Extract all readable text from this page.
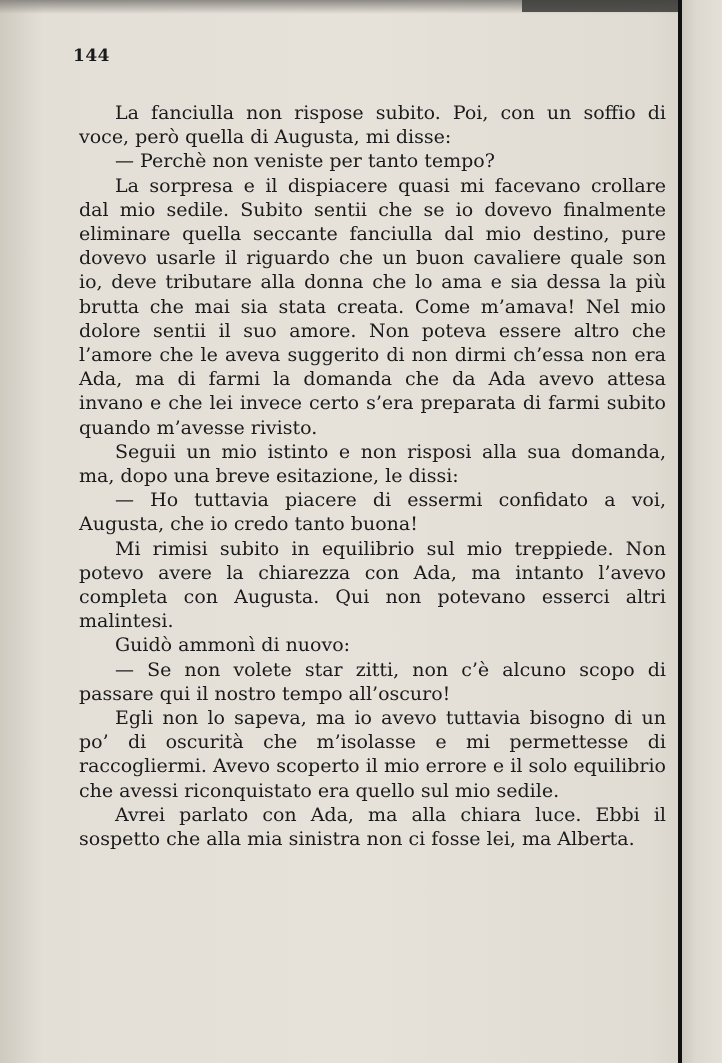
144

La fanciulla non rispose subito. Poi, con un soffio di voce, però quella di Augusta, mi disse:

— Perchè non veniste per tanto tempo?

La sorpresa e il dispiacere quasi mi facevano crollare dal mio sedile. Subito sentii che se io dovevo finalmente eliminare quella seccante fanciulla dal mio destino, pure dovevo usarle il riguardo che un buon cavaliere quale son io, deve tributare alla donna che lo ama e sia dessa la più brutta che mai sia stata creata. Come m’amava! Nel mio dolore sentii il suo amore. Non poteva essere altro che l’amore che le aveva suggerito di non dirmi ch’essa non era Ada, ma di farmi la domanda che da Ada avevo attesa invano e che lei invece certo s’era preparata di farmi subito quando m’avesse rivisto.

Seguii un mio istinto e non risposi alla sua domanda, ma, dopo una breve esitazione, le dissi:

— Ho tuttavia piacere di essermi confidato a voi, Augusta, che io credo tanto buona!

Mi rimisi subito in equilibrio sul mio treppiede. Non potevo avere la chiarezza con Ada, ma intanto l’avevo completa con Augusta. Qui non potevano esserci altri malintesi.

Guidò ammonì di nuovo:

— Se non volete star zitti, non c’è alcuno scopo di passare qui il nostro tempo all’oscuro!

Egli non lo sapeva, ma io avevo tuttavia bisogno di un po’ di oscurità che m’isolasse e mi permettesse di raccogliermi. Avevo scoperto il mio errore e il solo equilibrio che avessi riconquistato era quello sul mio sedile.

Avrei parlato con Ada, ma alla chiara luce. Ebbi il sospetto che alla mia sinistra non ci fosse lei, ma Alberta.
